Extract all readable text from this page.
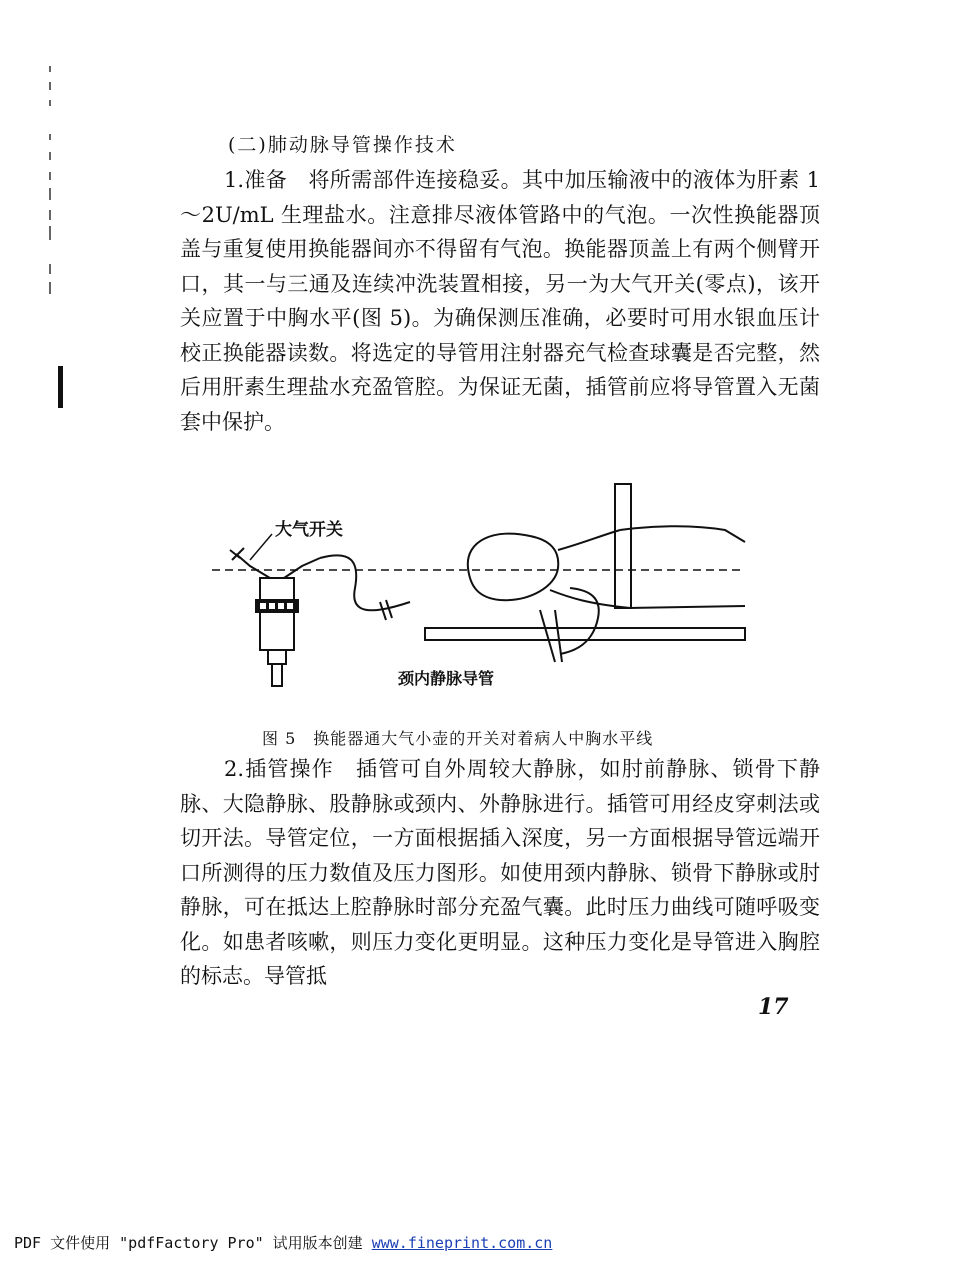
(二)肺动脉导管操作技术

1.准备　将所需部件连接稳妥。其中加压输液中的液体为肝素 1～2U/mL 生理盐水。注意排尽液体管路中的气泡。一次性换能器顶盖与重复使用换能器间亦不得留有气泡。换能器顶盖上有两个侧臂开口，其一与三通及连续冲洗装置相接，另一为大气开关(零点)，该开关应置于中胸水平(图 5)。为确保测压准确，必要时可用水银血压计校正换能器读数。将选定的导管用注射器充气检查球囊是否完整，然后用肝素生理盐水充盈管腔。为保证无菌，插管前应将导管置入无菌套中保护。

大气开关
颈内静脉导管
图 5　换能器通大气小壶的开关对着病人中胸水平线

2.插管操作　插管可自外周较大静脉，如肘前静脉、锁骨下静脉、大隐静脉、股静脉或颈内、外静脉进行。插管可用经皮穿刺法或切开法。导管定位，一方面根据插入深度，另一方面根据导管远端开口所测得的压力数值及压力图形。如使用颈内静脉、锁骨下静脉或肘静脉，可在抵达上腔静脉时部分充盈气囊。此时压力曲线可随呼吸变化。如患者咳嗽，则压力变化更明显。这种压力变化是导管进入胸腔的标志。导管抵

17
PDF 文件使用 "pdfFactory Pro" 试用版本创建 www.fineprint.com.cn
